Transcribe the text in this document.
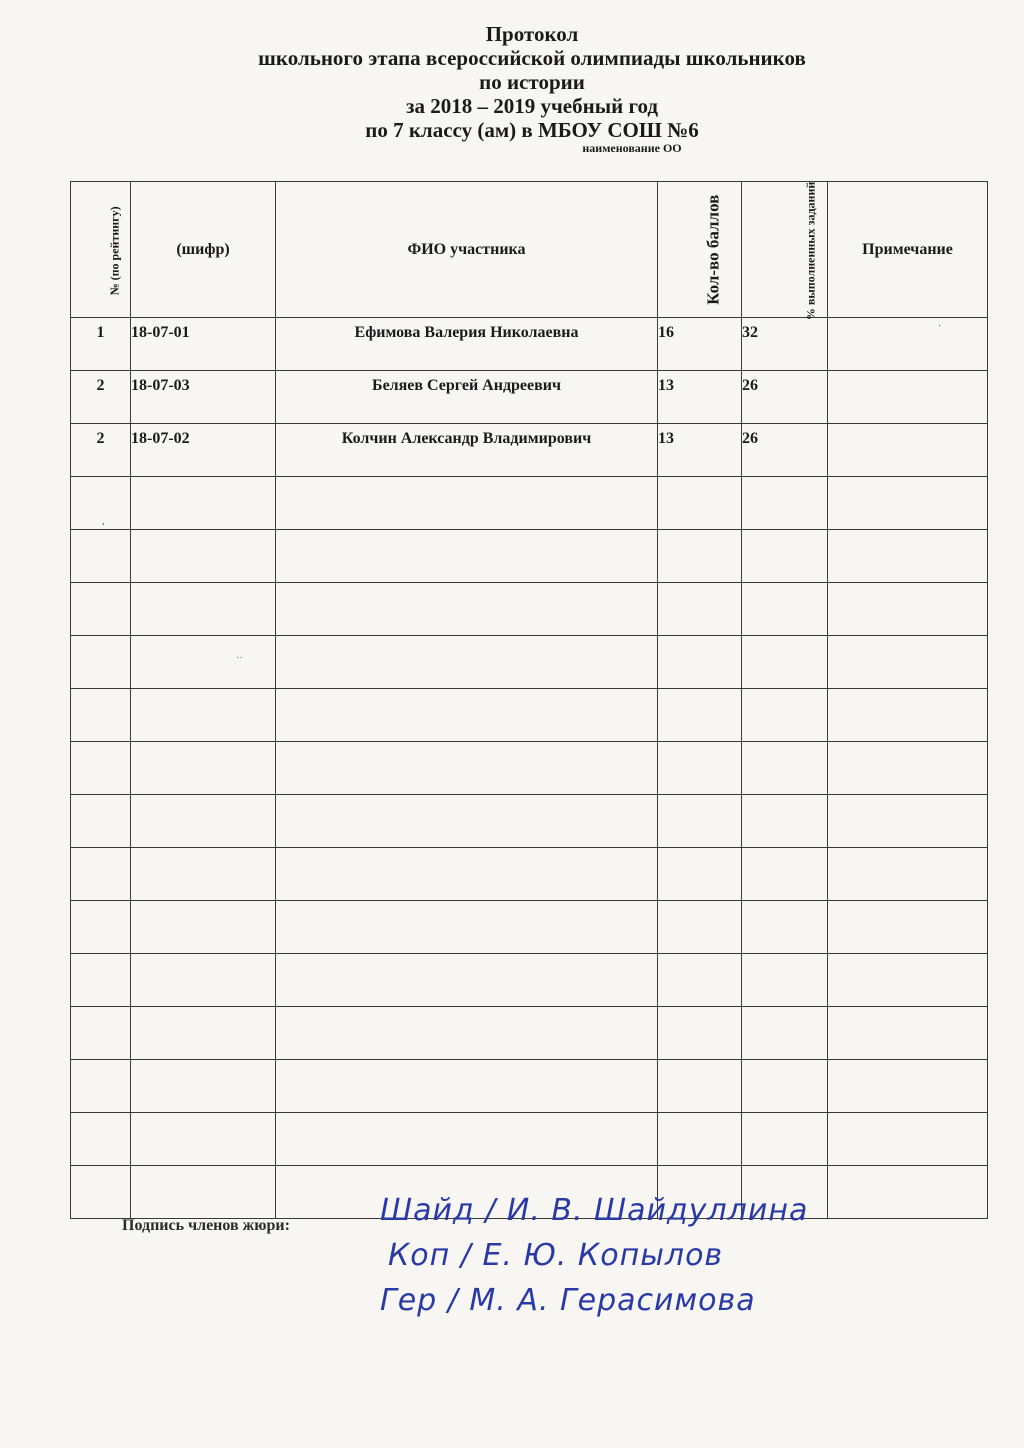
Протокол
школьного этапа всероссийской олимпиады школьников
по истории
за 2018 – 2019 учебный год
по 7 классу (ам) в МБОУ СОШ №6
наименование ОО
№ (по рейтингу)	(шифр)	ФИО участника	Кол-во баллов	% выполненных заданий	Примечание
1	18-07-01	Ефимова Валерия Николаевна	16	32	
2	18-07-03	Беляев Сергей Андреевич	13	26	
2	18-07-02	Колчин Александр Владимирович	13	26	

·
,
˙˙
Подпись членов жюри:	Шайд / И. В. Шайдуллина
Коп / Е. Ю. Копылов
Гер / М. А. Герасимова
